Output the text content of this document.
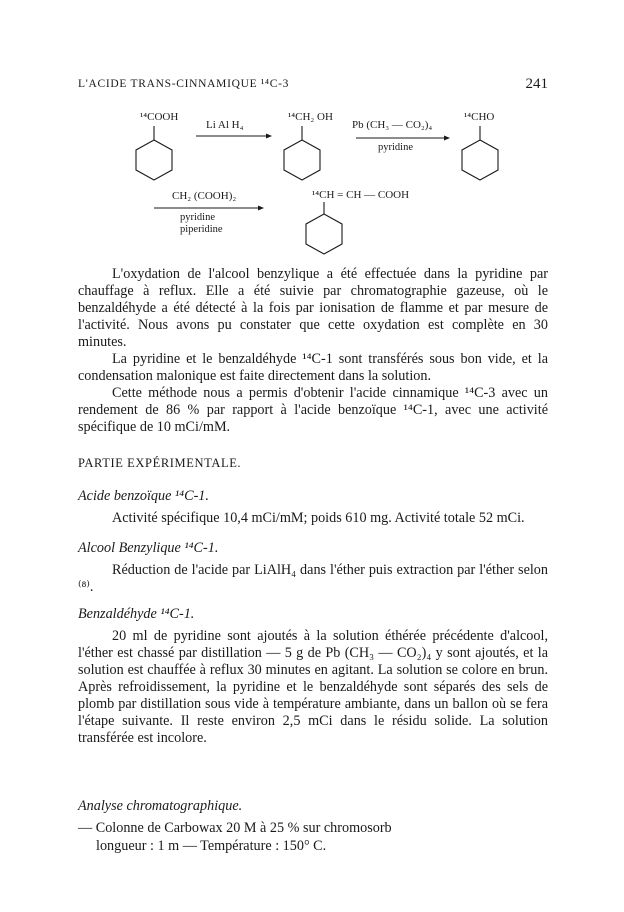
L'ACIDE TRANS-CINNAMIQUE ¹⁴C-3	241
¹⁴COOH
Li Al H₄
¹⁴CH₂ OH
Pb (CH₃ — CO₂)₄
pyridine
¹⁴CHO
CH₂ (COOH)₂
pyridine
piperidine
¹⁴CH = CH — COOH

L'oxydation de l'alcool benzylique a été effectuée dans la pyridine par chauffage à reflux. Elle a été suivie par chromatographie gazeuse, où le benzaldéhyde a été détecté à la fois par ionisation de flamme et par mesure de l'activité. Nous avons pu constater que cette oxydation est complète en 30 minutes.

La pyridine et le benzaldéhyde ¹⁴C-1 sont transférés sous bon vide, et la condensation malonique est faite directement dans la solution.

Cette méthode nous a permis d'obtenir l'acide cinnamique ¹⁴C-3 avec un rendement de 86 % par rapport à l'acide benzoïque ¹⁴C-1, avec une activité spécifique de 10 mCi/mM.

PARTIE EXPÉRIMENTALE.
Acide benzoïque ¹⁴C-1.

Activité spécifique 10,4 mCi/mM; poids 610 mg. Activité totale 52 mCi.

Alcool Benzylique ¹⁴C-1.

Réduction de l'acide par LiAlH₄ dans l'éther puis extraction par l'éther selon ⁽⁸⁾.

Benzaldéhyde ¹⁴C-1.

20 ml de pyridine sont ajoutés à la solution éthérée précédente d'alcool, l'éther est chassé par distillation — 5 g de Pb (CH₃ — CO₂)₄ y sont ajoutés, et la solution est chauffée à reflux 30 minutes en agitant. La solution se colore en brun. Après refroidissement, la pyridine et le benzaldéhyde sont séparés des sels de plomb par distillation sous vide à température ambiante, dans un ballon où se fera l'étape suivante. Il reste environ 2,5 mCi dans le résidu solide. La solution transférée est incolore.

Analyse chromatographique.
— Colonne de Carbowax 20 M à 25 % sur chromosorb
longueur : 1 m — Température : 150° C.
